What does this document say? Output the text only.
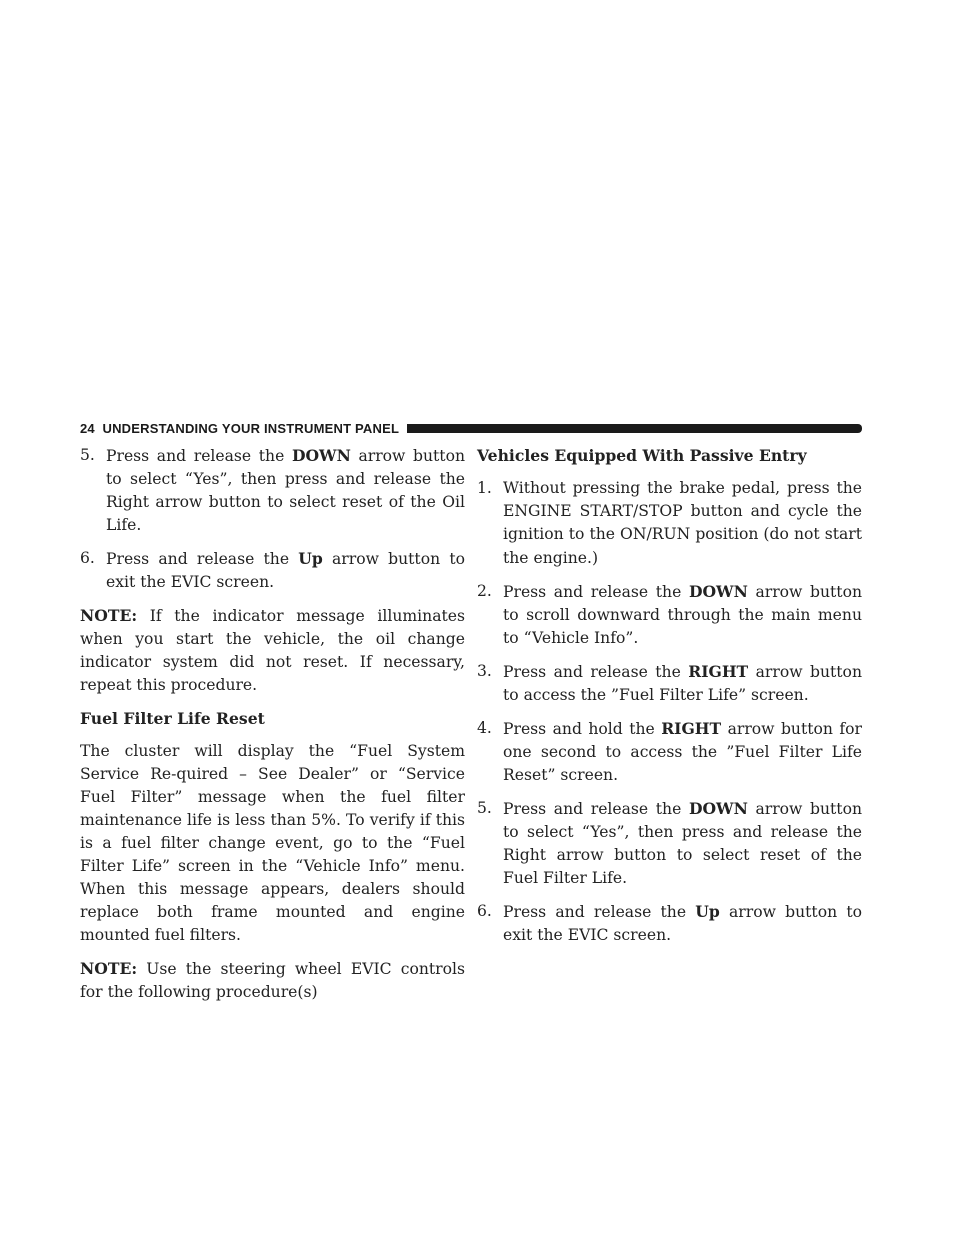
24 UNDERSTANDING YOUR INSTRUMENT PANEL
5. Press and release the DOWN arrow button to select “Yes”, then press and release the Right arrow button to select reset of the Oil Life.
6. Press and release the Up arrow button to exit the EVIC screen.

NOTE: If the indicator message illuminates when you start the vehicle, the oil change indicator system did not reset. If necessary, repeat this procedure.

Fuel Filter Life Reset

The cluster will display the “Fuel System Service Re-quired – See Dealer” or “Service Fuel Filter” message when the fuel filter maintenance life is less than 5%. To verify if this is a fuel filter change event, go to the “Fuel Filter Life” screen in the “Vehicle Info” menu. When this message appears, dealers should replace both frame mounted and engine mounted fuel filters.

NOTE: Use the steering wheel EVIC controls for the following procedure(s)

Vehicles Equipped With Passive Entry
1. Without pressing the brake pedal, press the ENGINE START/STOP button and cycle the ignition to the ON/RUN position (do not start the engine.)
2. Press and release the DOWN arrow button to scroll downward through the main menu to “Vehicle Info”.
3. Press and release the RIGHT arrow button to access the ”Fuel Filter Life” screen.
4. Press and hold the RIGHT arrow button for one second to access the ”Fuel Filter Life Reset” screen.
5. Press and release the DOWN arrow button to select “Yes”, then press and release the Right arrow button to select reset of the Fuel Filter Life.
6. Press and release the Up arrow button to exit the EVIC screen.
